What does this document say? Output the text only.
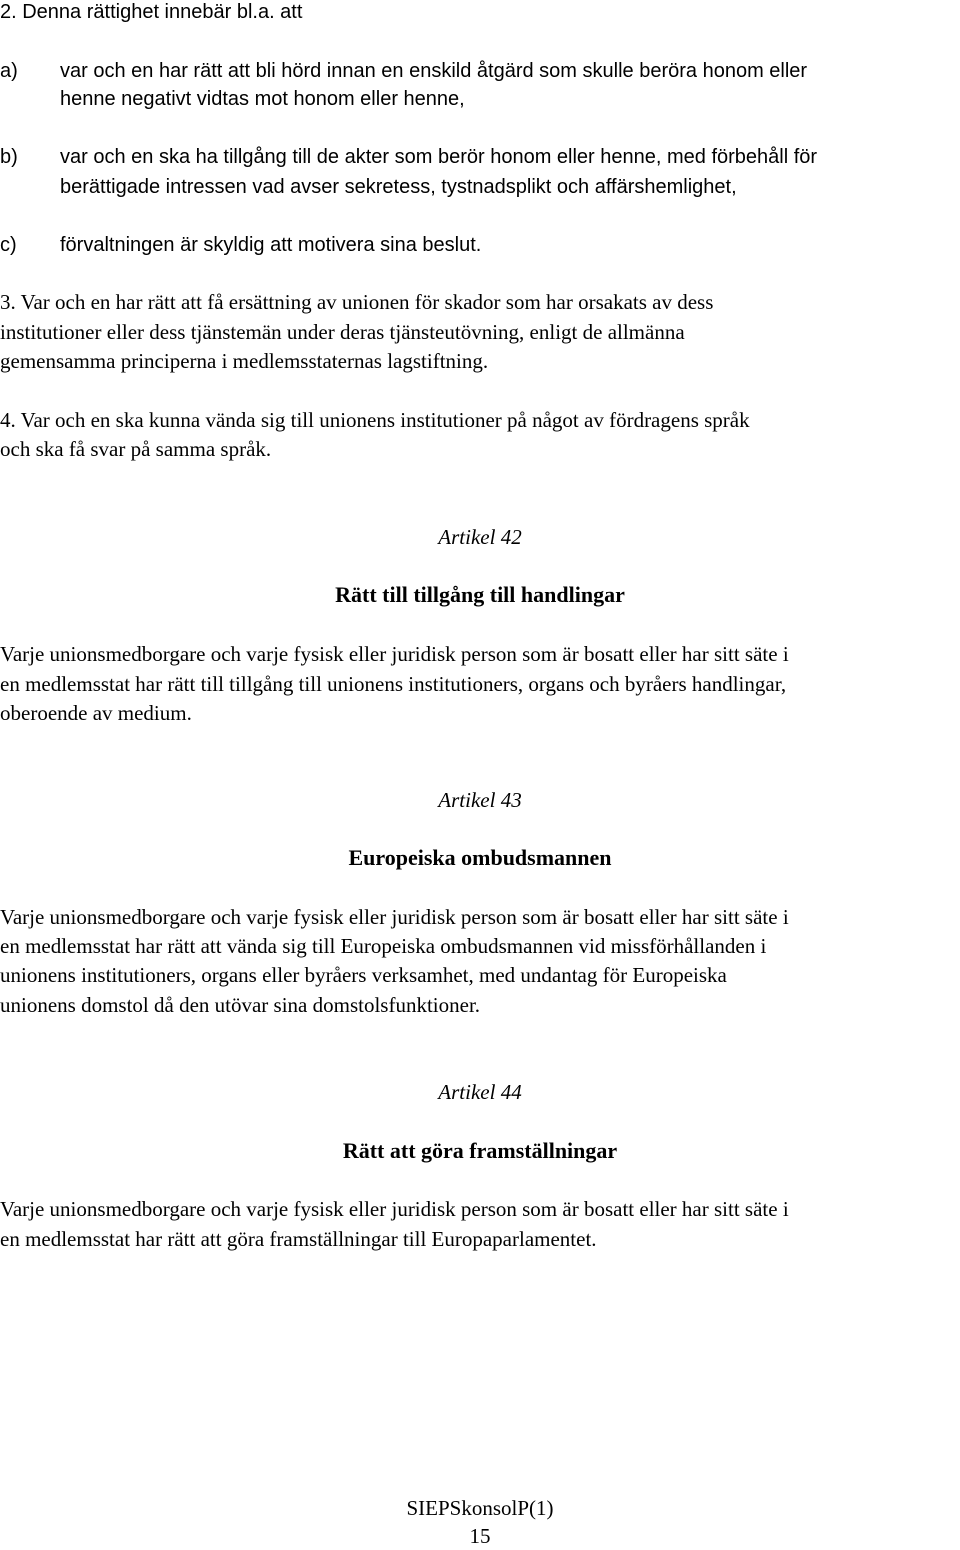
2. Denna rättighet innebär bl.a. att
a) var och en har rätt att bli hörd innan en enskild åtgärd som skulle beröra honom eller
henne negativt vidtas mot honom eller henne,
b) var och en ska ha tillgång till de akter som berör honom eller henne, med förbehåll för
berättigade intressen vad avser sekretess, tystnadsplikt och affärshemlighet,
c) förvaltningen är skyldig att motivera sina beslut.
3. Var och en har rätt att få ersättning av unionen för skador som har orsakats av dess
institutioner eller dess tjänstemän under deras tjänsteutövning, enligt de allmänna
gemensamma principerna i medlemsstaternas lagstiftning.
4. Var och en ska kunna vända sig till unionens institutioner på något av fördragens språk
och ska få svar på samma språk.
Artikel 42
Rätt till tillgång till handlingar
Varje unionsmedborgare och varje fysisk eller juridisk person som är bosatt eller har sitt säte i
en medlemsstat har rätt till tillgång till unionens institutioners, organs och byråers handlingar,
oberoende av medium.
Artikel 43
Europeiska ombudsmannen
Varje unionsmedborgare och varje fysisk eller juridisk person som är bosatt eller har sitt säte i
en medlemsstat har rätt att vända sig till Europeiska ombudsmannen vid missförhållanden i
unionens institutioners, organs eller byråers verksamhet, med undantag för Europeiska
unionens domstol då den utövar sina domstolsfunktioner.
Artikel 44
Rätt att göra framställningar
Varje unionsmedborgare och varje fysisk eller juridisk person som är bosatt eller har sitt säte i
en medlemsstat har rätt att göra framställningar till Europaparlamentet.
SIEPSkonsolP(1)
15
